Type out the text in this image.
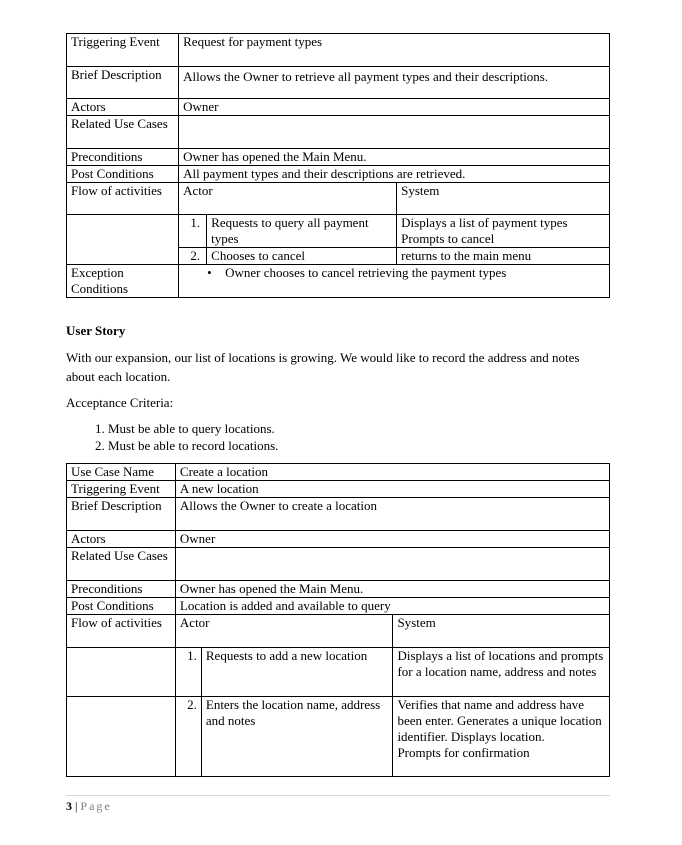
Triggering Event	Request for payment types		
Brief Description	Allows the Owner to retrieve all payment types and their descriptions.		
Actors	Owner		
Related Use Cases			
Preconditions	Owner has opened the Main Menu.		
Post Conditions	All payment types and their descriptions are retrieved.		
Flow of activities	Actor		System
	1.	Requests to query all payment types	Displays a list of payment types
Prompts to cancel

	2.	Chooses to cancel	returns to the main menu
Exception Conditions	• Owner chooses to cancel retrieving the payment types
User Story
With our expansion, our list of locations is growing. We would like to record the address and notes about each location.
Acceptance Criteria:
1. Must be able to query locations.
2. Must be able to record locations.
Use Case Name	Create a location		
Triggering Event	A new location		
Brief Description	Allows the Owner to create a location		
Actors	Owner		
Related Use Cases			
Preconditions	Owner has opened the Main Menu.		
Post Conditions	Location is added and available to query		
Flow of activities	Actor		System
	1.	Requests to add a new location	Displays a list of locations and prompts for a location name, address and notes
	2.	Enters the location name, address and notes	Verifies that name and address have been enter. Generates a unique location identifier. Displays location.
Prompts for confirmation
3 | Page
